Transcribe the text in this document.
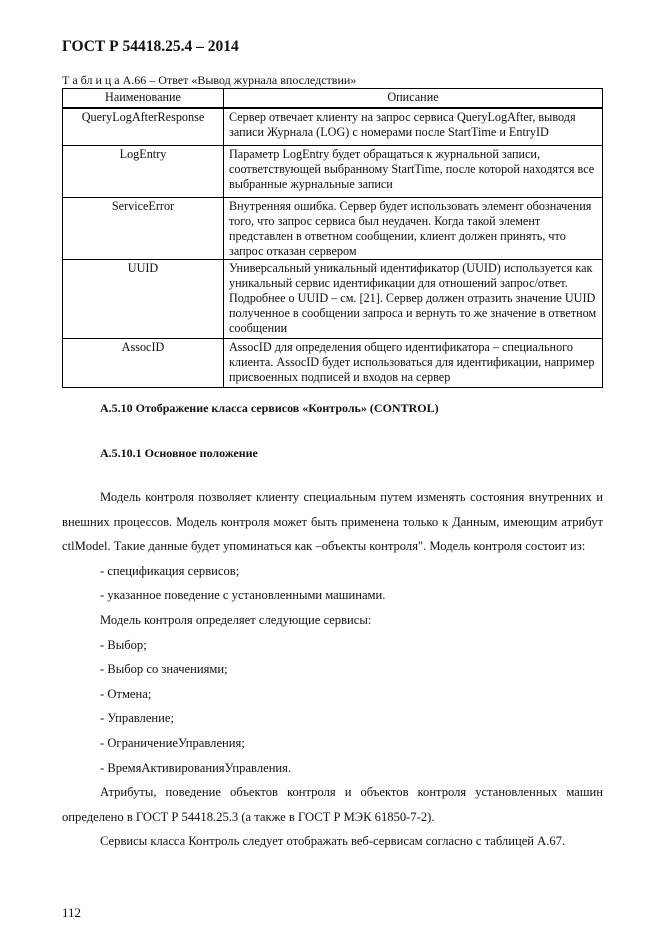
ГОСТ Р 54418.25.4 – 2014
Т а бл и ц а А.66 – Ответ «Вывод журнала впоследствии»
Наименование	Описание
QueryLogAfterResponse	Сервер отвечает клиенту на запрос сервиса QueryLogAfter, выводя записи Журнала (LOG) с номерами после StartTime и EntryID
LogEntry	Параметр LogEntry будет обращаться к журнальной записи, соответствующей выбранному StartTime, после которой находятся все выбранные журнальные записи
ServiceError	Внутренняя ошибка. Сервер будет использовать элемент обозначения того, что запрос сервиса был неудачен. Когда такой элемент представлен в ответном сообщении, клиент должен принять, что запрос отказан сервером
UUID	Универсальный уникальный идентификатор (UUID) используется как уникальный сервис идентификации для отношений запрос/ответ. Подробнее о UUID – см. [21]. Сервер должен отразить значение UUID полученное в сообщении запроса и вернуть то же значение в ответном сообщении
AssocID	AssocID для определения общего идентификатора – специального клиента. AssocID будет использоваться для идентификации, например присвоенных подписей и входов на сервер
А.5.10 Отображение класса сервисов «Контроль» (CONTROL)
А.5.10.1 Основное положение

Модель контроля позволяет клиенту специальным путем изменять состояния внутренних и внешних процессов. Модель контроля может быть применена только к Данным, имеющим атрибут ctlModel. Такие данные будет упоминаться как –объекты контроля". Модель контроля состоит из:

- спецификация сервисов;
- указанное поведение с установленными машинами.

Модель контроля определяет следующие сервисы:

- Выбор;
- Выбор со значениями;
- Отмена;
- Управление;
- ОграничениеУправления;
- ВремяАктивированияУправления.

Атрибуты, поведение объектов контроля и объектов контроля установленных машин определено в ГОСТ Р 54418.25.3 (а также в ГОСТ Р МЭК 61850-7-2).

Сервисы класса Контроль следует отображать веб-сервисам согласно с таблицей А.67.

112
